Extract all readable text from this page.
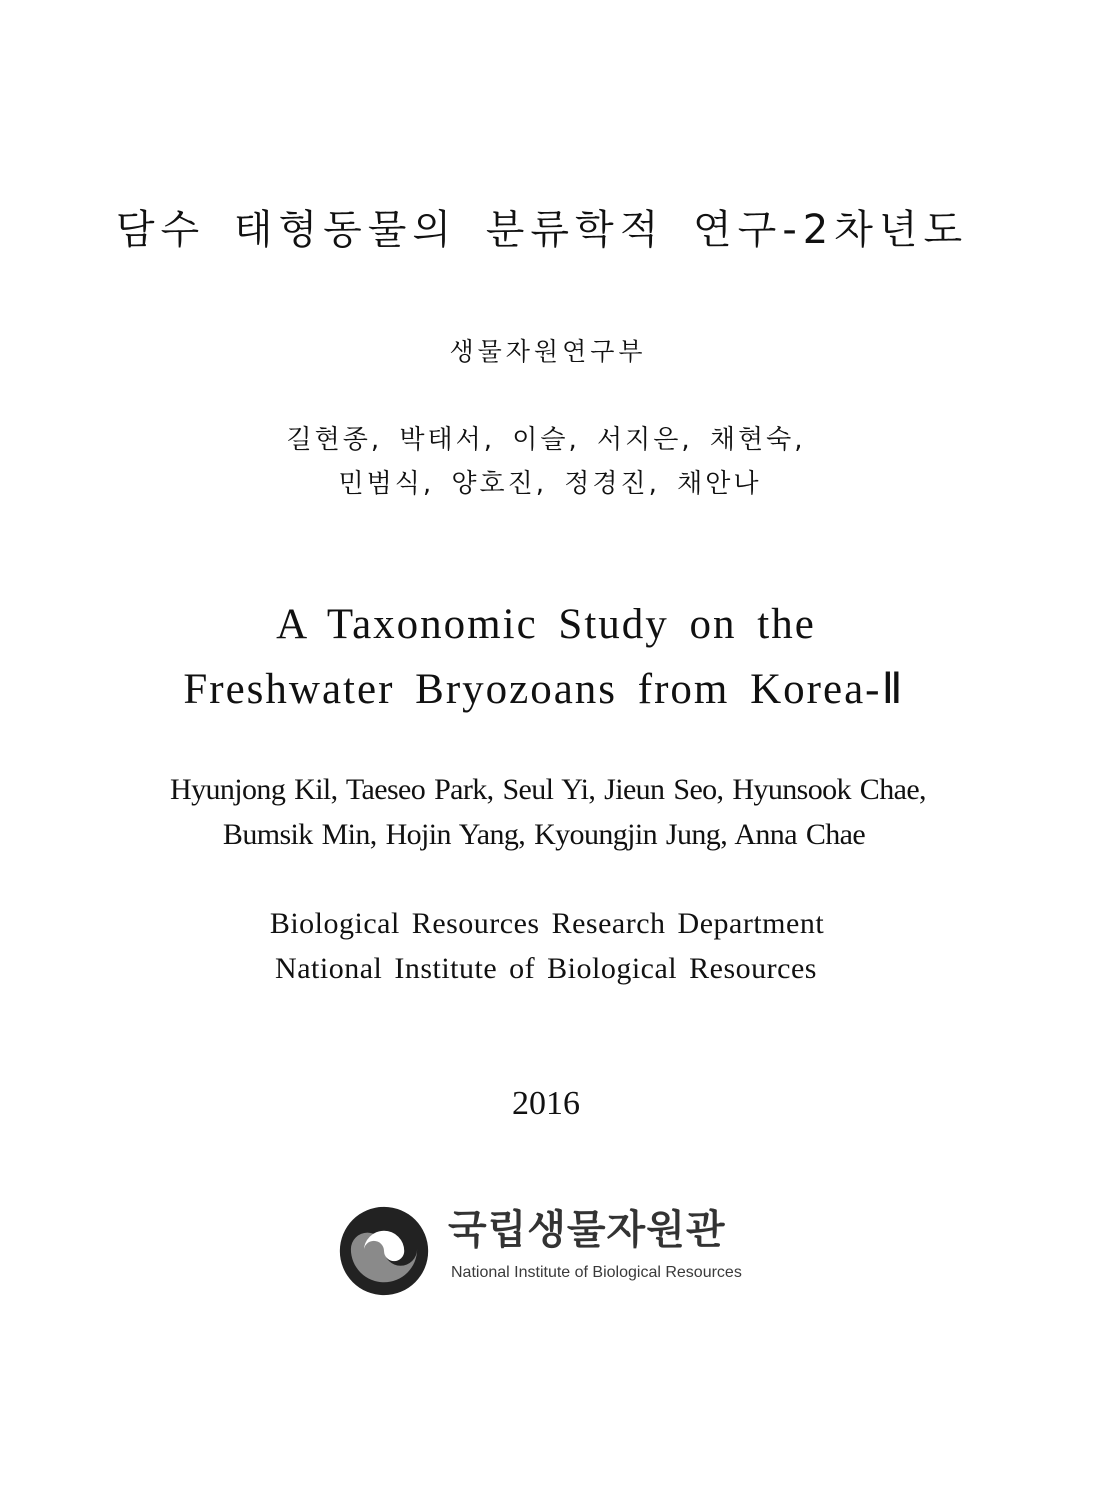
담수 태형동물의 분류학적 연구-2차년도
생물자원연구부
길현종, 박태서, 이슬, 서지은, 채현숙,
민범식, 양호진, 정경진, 채안나
A Taxonomic Study on the
Freshwater Bryozoans from Korea-Ⅱ
Hyunjong Kil, Taeseo Park, Seul Yi, Jieun Seo, Hyunsook Chae,
Bumsik Min, Hojin Yang, Kyoungjin Jung, Anna Chae
Biological Resources Research Department
National Institute of Biological Resources
2016
국립생물자원관
National Institute of Biological Resources
